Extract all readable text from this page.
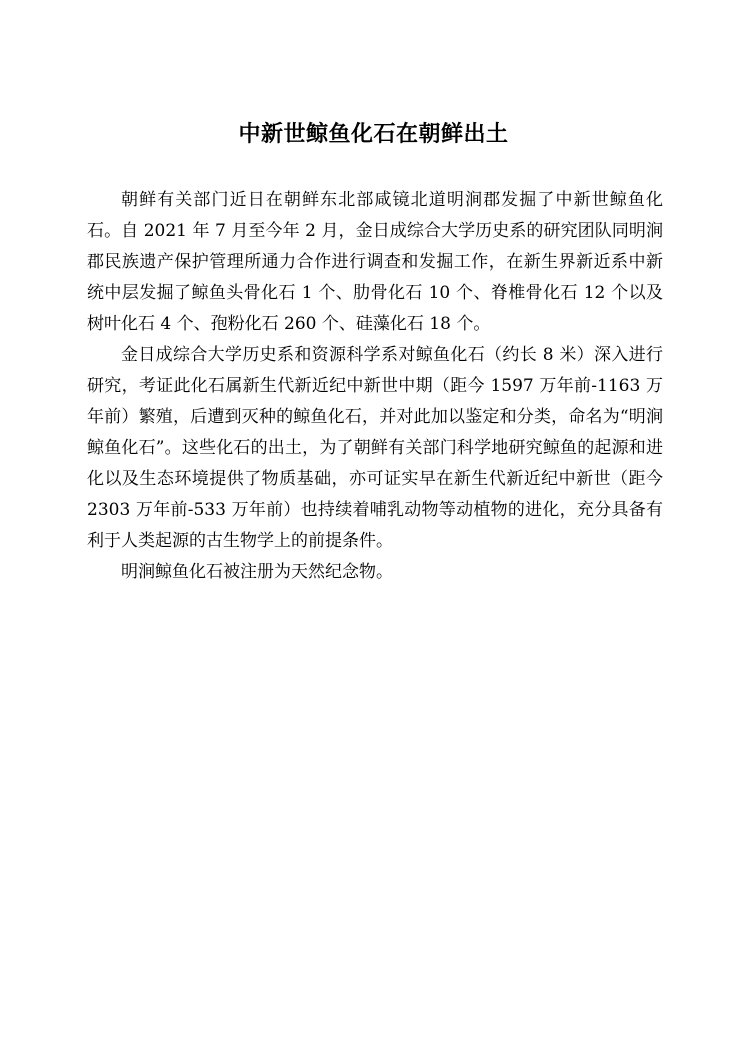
中新世鲸鱼化石在朝鲜出土

朝鲜有关部门近日在朝鲜东北部咸镜北道明涧郡发掘了中新世鲸鱼化石。自 2021 年 7 月至今年 2 月，金日成综合大学历史系的研究团队同明涧郡民族遗产保护管理所通力合作进行调查和发掘工作，在新生界新近系中新统中层发掘了鲸鱼头骨化石 1 个、肋骨化石 10 个、脊椎骨化石 12 个以及树叶化石 4 个、孢粉化石 260 个、硅藻化石 18 个。

金日成综合大学历史系和资源科学系对鲸鱼化石（约长 8 米）深入进行研究，考证此化石属新生代新近纪中新世中期（距今 1597 万年前-1163 万年前）繁殖，后遭到灭种的鲸鱼化石，并对此加以鉴定和分类，命名为“明涧鲸鱼化石”。这些化石的出土，为了朝鲜有关部门科学地研究鲸鱼的起源和进化以及生态环境提供了物质基础，亦可证实早在新生代新近纪中新世（距今 2303 万年前-533 万年前）也持续着哺乳动物等动植物的进化，充分具备有利于人类起源的古生物学上的前提条件。

明涧鲸鱼化石被注册为天然纪念物。
